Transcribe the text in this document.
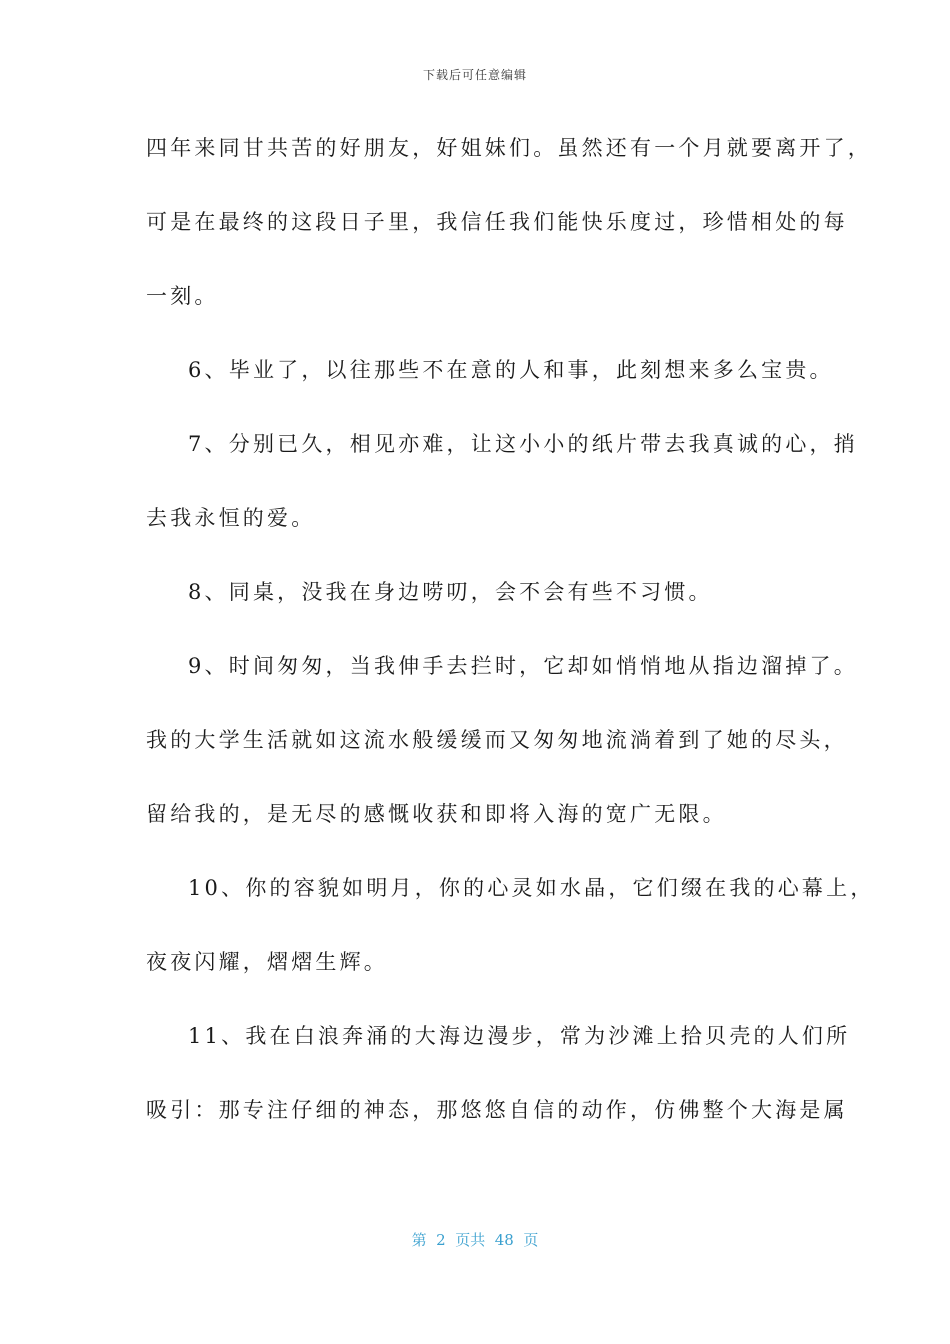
下载后可任意编辑
四年来同甘共苦的好朋友，好姐妹们。虽然还有一个月就要离开了，
可是在最终的这段日子里，我信任我们能快乐度过，珍惜相处的每
一刻。
6、毕业了，以往那些不在意的人和事，此刻想来多么宝贵。
7、分别已久，相见亦难，让这小小的纸片带去我真诚的心，捎
去我永恒的爱。
8、同桌，没我在身边唠叨，会不会有些不习惯。
9、时间匆匆，当我伸手去拦时，它却如悄悄地从指边溜掉了。
我的大学生活就如这流水般缓缓而又匆匆地流淌着到了她的尽头，
留给我的，是无尽的感慨收获和即将入海的宽广无限。
10、你的容貌如明月，你的心灵如水晶，它们缀在我的心幕上，
夜夜闪耀，熠熠生辉。
11、我在白浪奔涌的大海边漫步，常为沙滩上拾贝壳的人们所
吸引：那专注仔细的神态，那悠悠自信的动作，仿佛整个大海是属
第  2  页共  48  页
